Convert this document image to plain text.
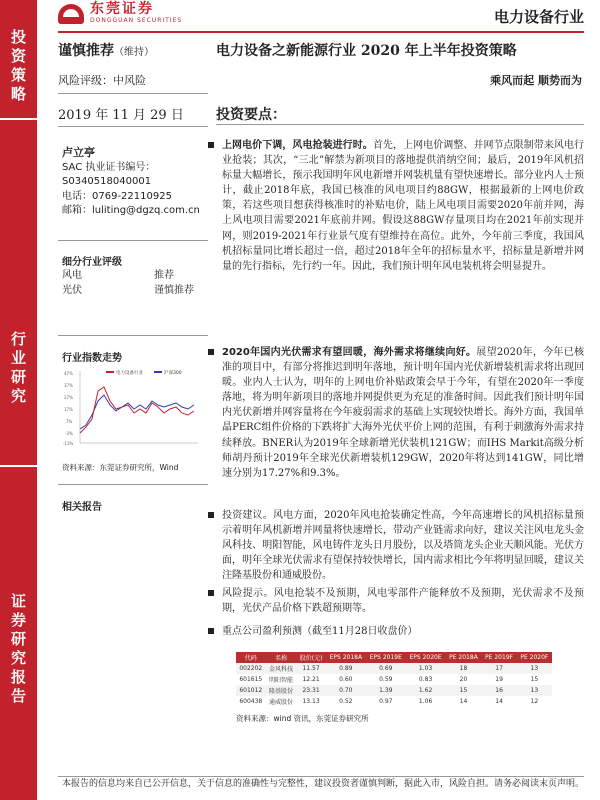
投
资
策
略
行
业
研
究
证
券
研
究
报
告
东莞证券
DONGGUAN SECURITIES	电力设备行业
谨慎推荐（维持）	电力设备之新能源行业 2020 年上半年投资策略
风险评级：中风险	乘风而起 顺势而为
2019 年 11 月 29 日 投资要点：
卢立亭
SAC 执业证书编号：
S0340518040001
电话：0769-22110925
邮箱：luliting@dgzq.com.cn
细分行业评级
风电	推荐
光伏	谨慎推荐
行业指数走势
47%
37%
27%
17%
7%
-3%
-13%
电力设备行业	沪深300
资料来源：东莞证券研究所，Wind
相关报告
上网电价下调，风电抢装进行时。首先，上网电价调整、并网节点限制带来风电行业抢装；其次，“三北”解禁为新项目的落地提供消纳空间；最后，2019年风机招标量大幅增长，预示我国明年风电新增并网装机量有望快速增长。部分业内人士预计，截止2018年底，我国已核准的风电项目约88GW，根据最新的上网电价政策，若这些项目想获得核准时的补贴电价，陆上风电项目需要2020年前并网，海上风电项目需要2021年底前并网。假设这88GW存量项目均在2021年前实现并网，则2019-2021年行业景气度有望维持在高位。此外，今年前三季度，我国风机招标量同比增长超过一倍，超过2018年全年的招标量水平，招标量是新增并网量的先行指标，先行约一年。因此，我们预计明年风电装机将会明显提升。
2020年国内光伏需求有望回暖，海外需求将继续向好。展望2020年，今年已核准的项目中，有部分将推迟到明年落地，预计明年国内光伏新增装机需求将出现回暖。业内人士认为，明年的上网电价补贴政策会早于今年，有望在2020年一季度落地，将为明年新项目的落地并网提供更为充足的准备时间。因此我们预计明年国内光伏新增并网容量将在今年疲弱需求的基础上实现较快增长。海外方面，我国单晶PERC组件价格的下跌将扩大海外光伏平价上网的范围，有利于刺激海外需求持续释放。BNER认为2019年全球新增光伏装机121GW；而IHS Markit高级分析师胡丹预计2019年全球光伏新增装机129GW，2020年将达到141GW，同比增速分别为17.27%和9.3%。
投资建议。风电方面，2020年风电抢装确定性高，今年高速增长的风机招标量预示着明年风机新增并网量将快速增长，带动产业链需求向好，建议关注风电龙头金风科技、明阳智能，风电铸件龙头日月股份，以及塔筒龙头企业天顺风能。光伏方面，明年全球光伏需求有望保持较快增长，国内需求相比今年将明显回暖，建议关注隆基股份和通威股份。
风险提示。风电抢装不及预期，风电零部件产能释放不及预期，光伏需求不及预期，光伏产品价格下跌超预期等。
重点公司盈利预测（截至11月28日收盘价）
代码	名称	股价(元)	EPS 2018A	EPS 2019E	EPS 2020E	PE 2018A	PE 2019F	PE 2020F
002202	金风科技	11.57	0.89	0.69	1.03	18	17	13
601615	明阳智能	12.21	0.60	0.59	0.83	20	19	15
601012	隆基股份	23.31	0.70	1.39	1.62	15	16	13
600438	通威股份	13.13	0.52	0.97	1.06	14	14	12
资料来源：wind 资讯，东莞证券研究所
本报告的信息均来自已公开信息，关于信息的准确性与完整性，建议投资者谨慎判断，据此入市，风险自担。请务必阅读末页声明。
